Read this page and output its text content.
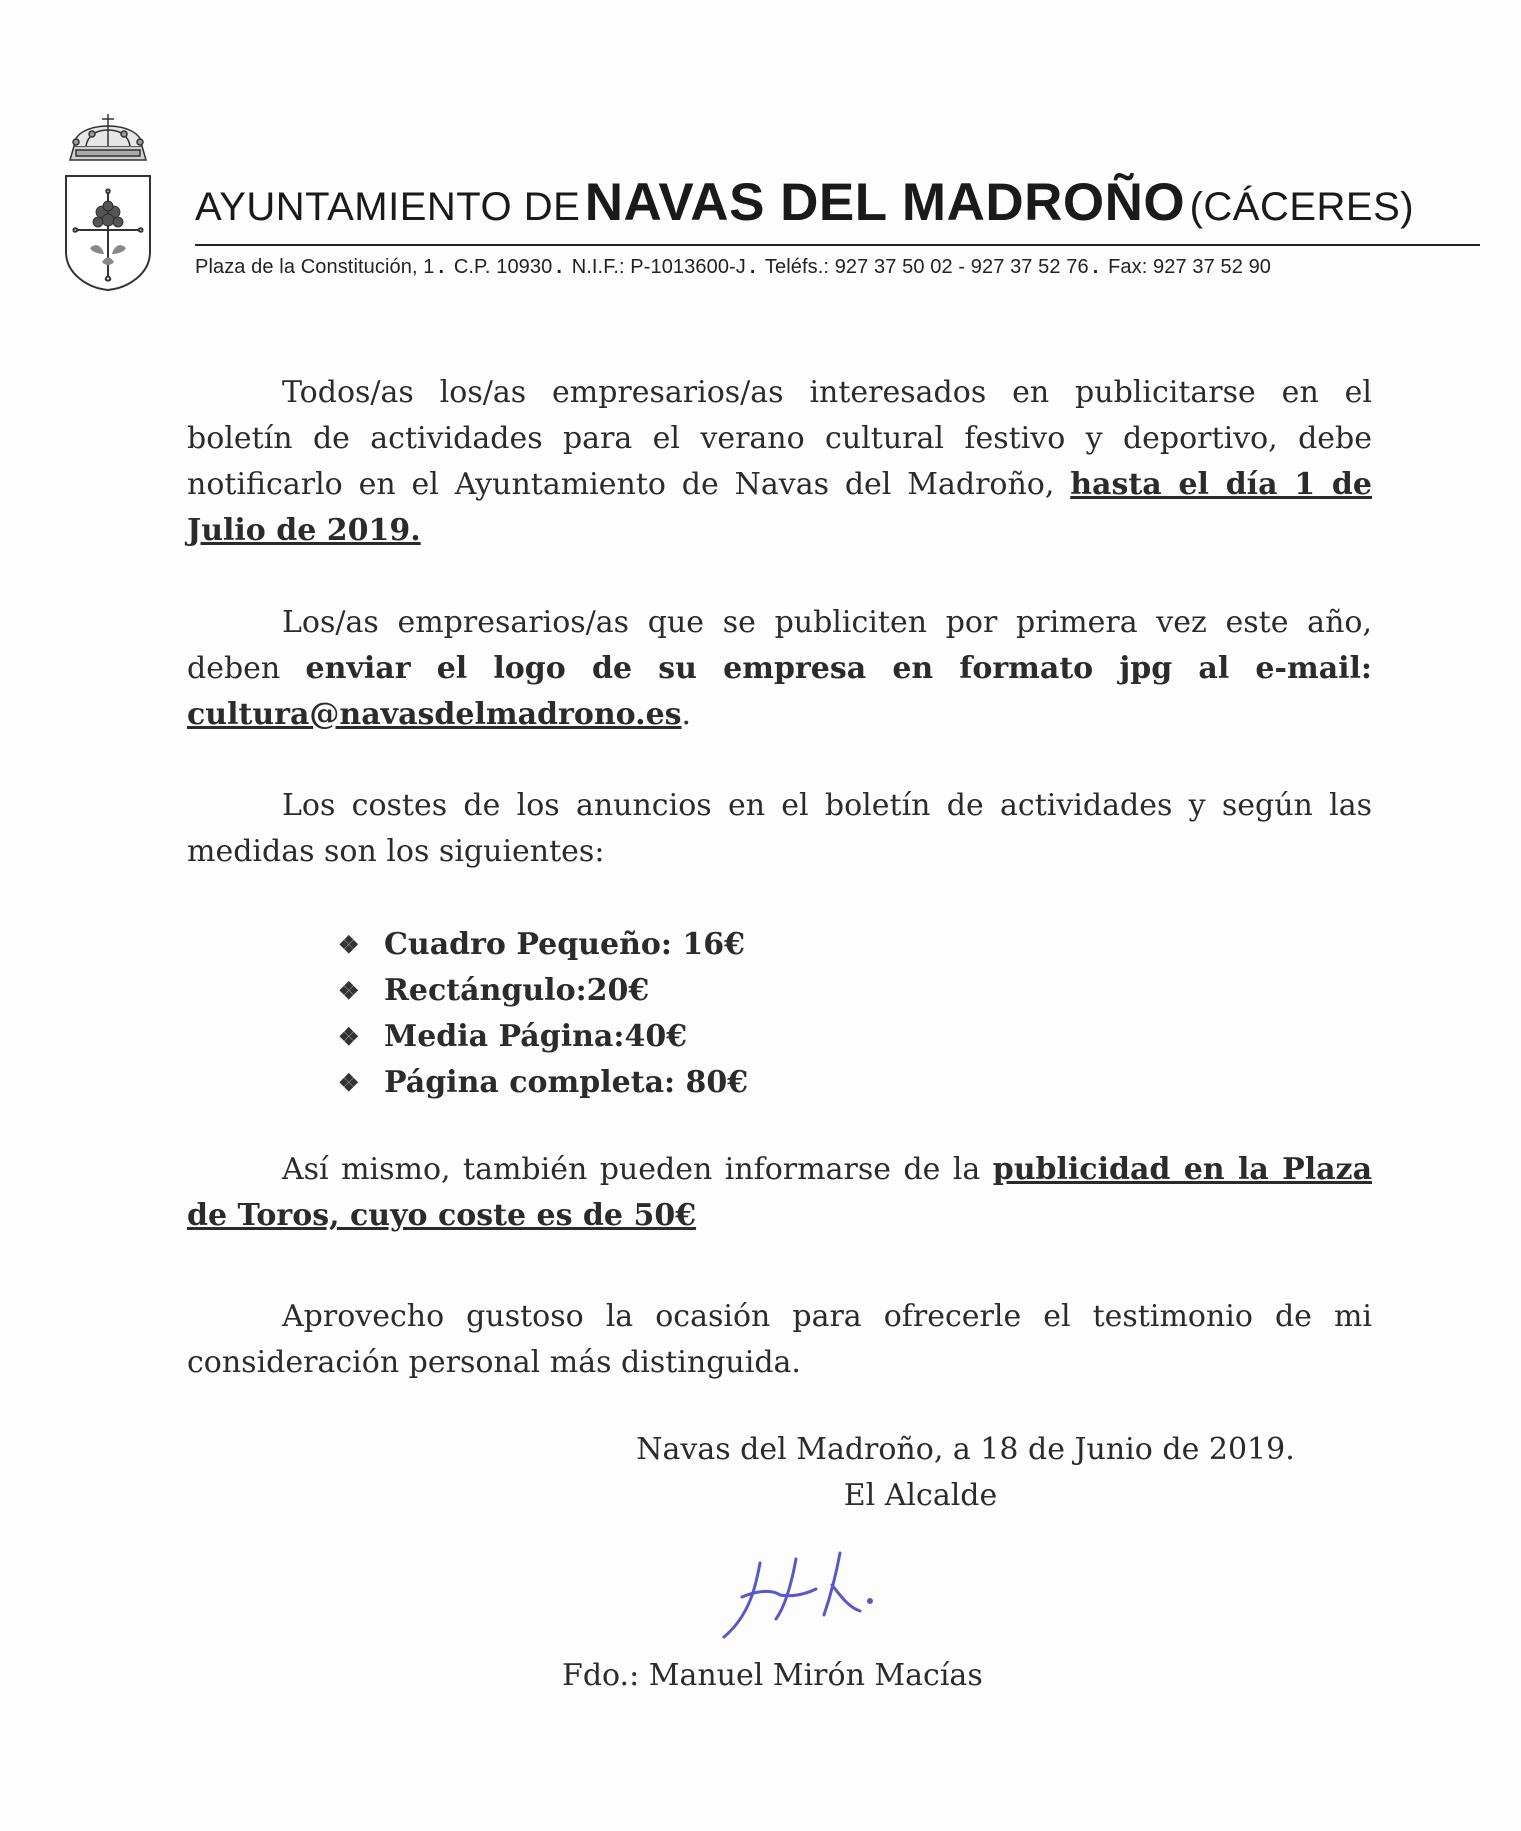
AYUNTAMIENTO DE NAVAS DEL MADROÑO (CÁCERES)
Plaza de la Constitución, 1 . C.P. 10930 . N.I.F.: P-1013600-J . Teléfs.: 927 37 50 02 - 927 37 52 76 . Fax: 927 37 52 90
Todos/as los/as empresarios/as interesados en publicitarse en el boletín de actividades para el verano cultural festivo y deportivo, debe notificarlo en el Ayuntamiento de Navas del Madroño, hasta el día 1 de Julio de 2019.
Los/as empresarios/as que se publiciten por primera vez este año, deben enviar el logo de su empresa en formato jpg al e-mail: cultura@navasdelmadrono.es.
Los costes de los anuncios en el boletín de actividades y según las medidas son los siguientes:
❖ Cuadro Pequeño: 16€
❖ Rectángulo:20€
❖ Media Página:40€
❖ Página completa: 80€
Así mismo, también pueden informarse de la publicidad en la Plaza de Toros, cuyo coste es de 50€
Aprovecho gustoso la ocasión para ofrecerle el testimonio de mi consideración personal más distinguida.
Navas del Madroño, a 18 de Junio de 2019.
El Alcalde
Fdo.: Manuel Mirón Macías
